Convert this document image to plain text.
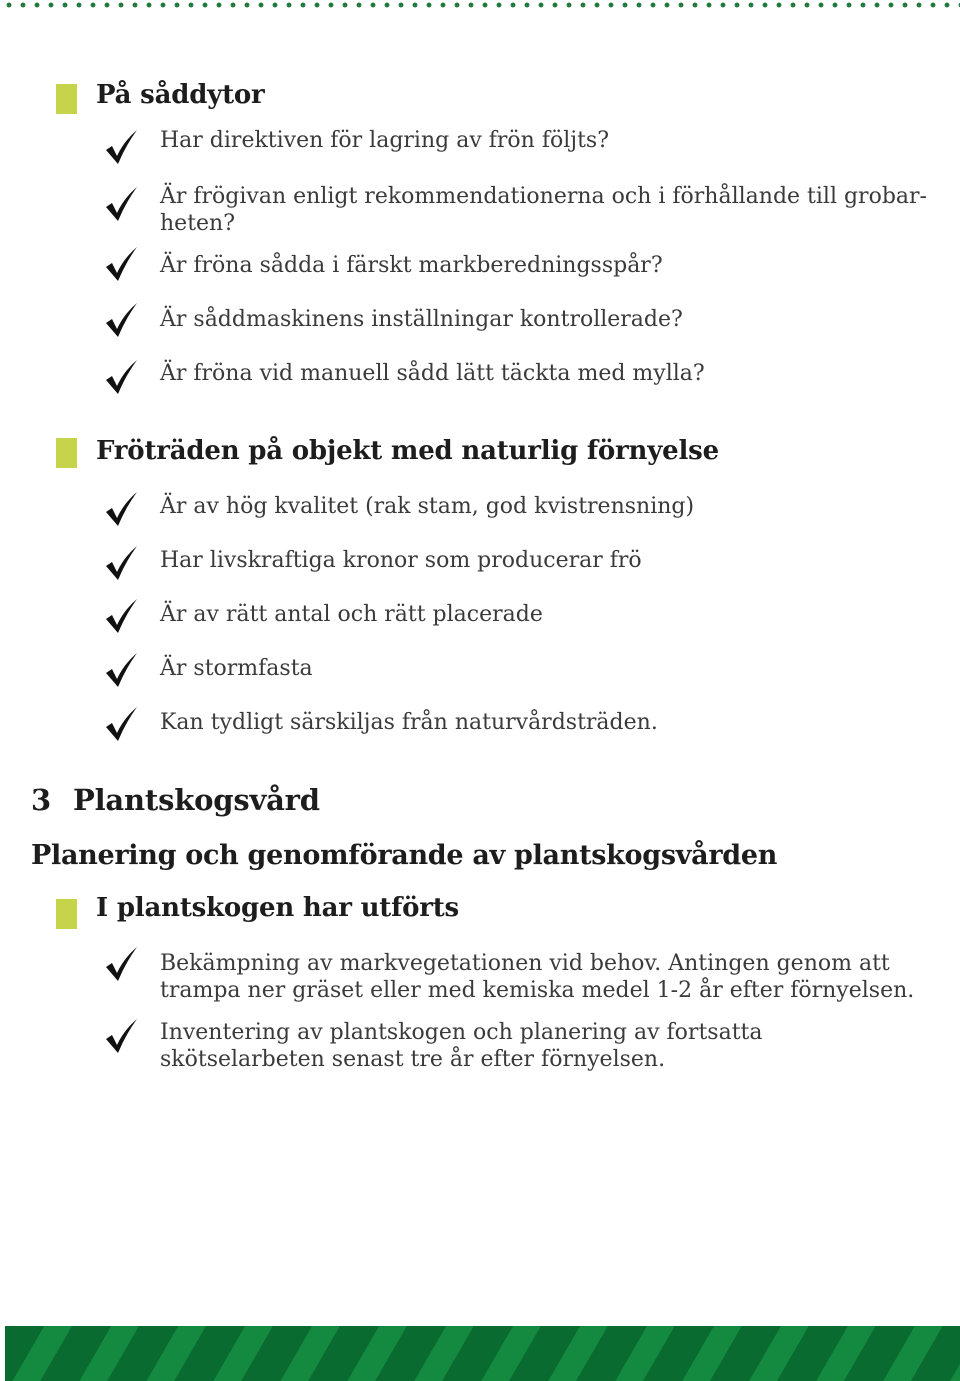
På såddytor
Har direktiven för lagring av frön följts?
Är frögivan enligt rekommendationerna och i förhållande till grobar-heten?
Är fröna sådda i färskt markberedningsspår?
Är såddmaskinens inställningar kontrollerade?
Är fröna vid manuell sådd lätt täckta med mylla?
Fröträden på objekt med naturlig förnyelse
Är av hög kvalitet (rak stam, god kvistrensning)
Har livskraftiga kronor som producerar frö
Är av rätt antal och rätt placerade
Är stormfasta
Kan tydligt särskiljas från naturvårdsträden.
3 Plantskogsvård
Planering och genomförande av plantskogsvården
I plantskogen har utförts
Bekämpning av markvegetationen vid behov. Antingen genom att trampa ner gräset eller med kemiska medel 1-2 år efter förnyelsen.
Inventering av plantskogen och planering av fortsatta skötselarbeten senast tre år efter förnyelsen.
